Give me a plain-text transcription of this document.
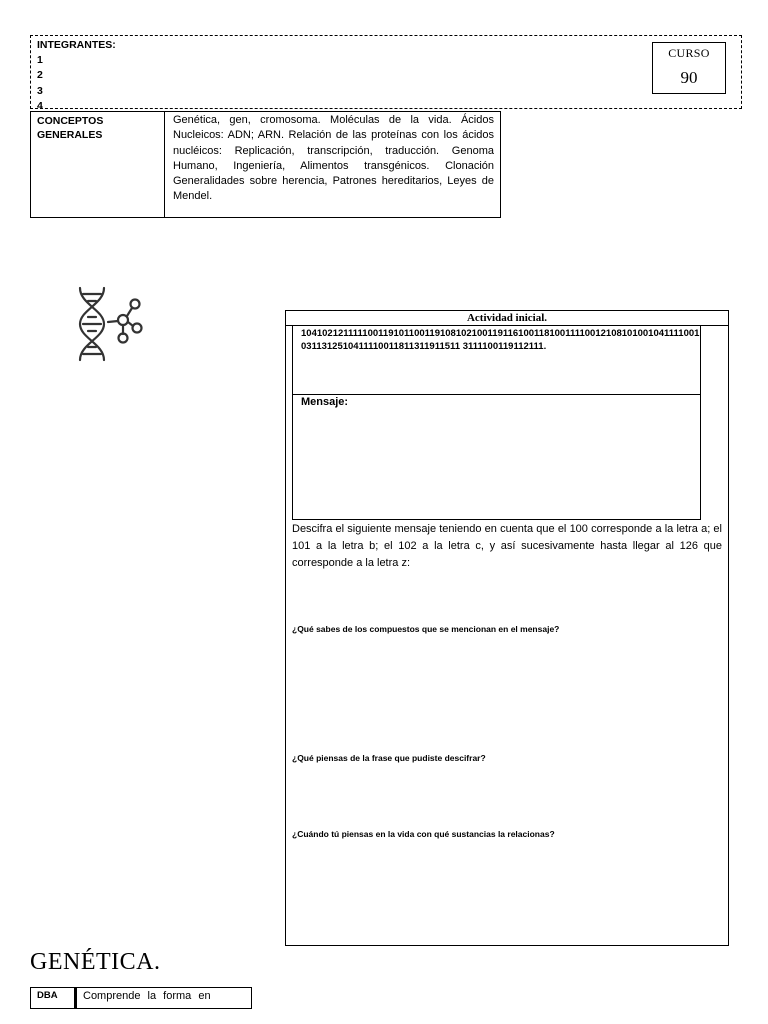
INTEGRANTES:
1
2
3
4
CURSO
90
CONCEPTOS GENERALES
Genética, gen, cromosoma. Moléculas de la vida. Ácidos Nucleicos: ADN; ARN. Relación de las proteínas con los ácidos nucléicos: Replicación, transcripción, traducción. Genoma Humano, Ingeniería, Alimentos transgénicos. Clonación Generalidades sobre herencia, Patrones hereditarios, Leyes de Mendel.
Actividad inicial.
104102121111100119101100119108102100119116100118100111100121081010010411110010311312510411110011811311911511 3111100119112111.
Mensaje:
Descifra el siguiente mensaje teniendo en cuenta que el 100 corresponde a la letra a; el 101 a la letra b; el 102 a la letra c, y así sucesivamente hasta llegar al 126 que corresponde a la letra z:
¿Qué sabes de los compuestos que se mencionan en el mensaje?
¿Qué piensas de la frase que pudiste descifrar?
¿Cuándo tú piensas en la vida con qué sustancias la relacionas?
GENÉTICA.
DBA	Comprende la forma en
